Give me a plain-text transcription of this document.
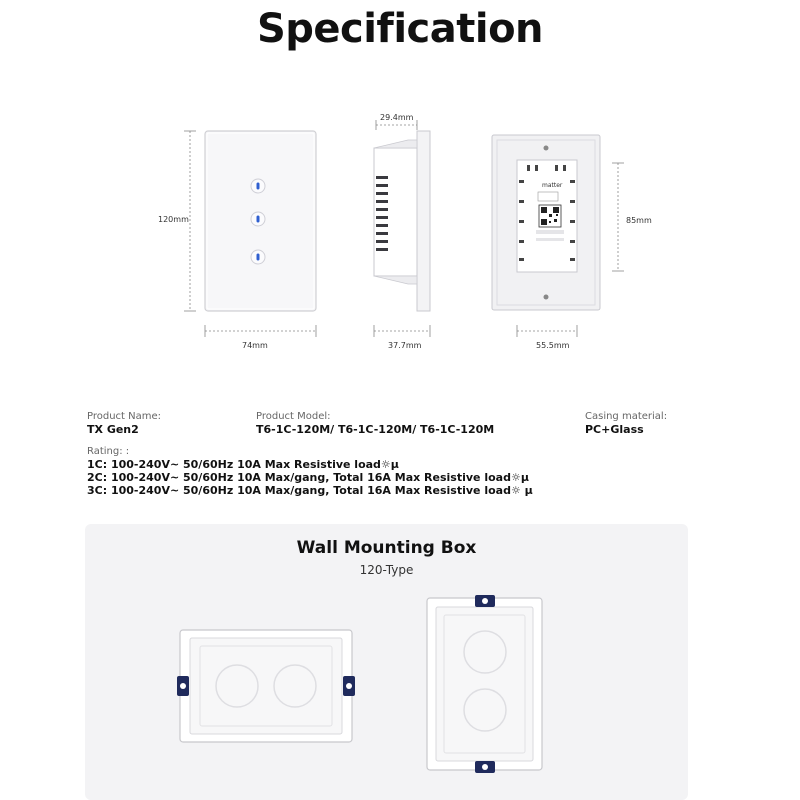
Specification
matter
120mm
74mm
29.4mm
37.7mm
85mm
55.5mm
Product Name:
TX Gen2
Product Model:
T6-1C-120M/ T6-1C-120M/ T6-1C-120M
Casing material:
PC+Glass
Rating: :
1C: 100-240V~ 50/60Hz 10A Max Resistive load☼μ
2C: 100-240V~ 50/60Hz 10A Max/gang, Total 16A Max Resistive load☼μ
3C: 100-240V~ 50/60Hz 10A Max/gang, Total 16A Max Resistive load☼ μ
Wall Mounting Box
120-Type
